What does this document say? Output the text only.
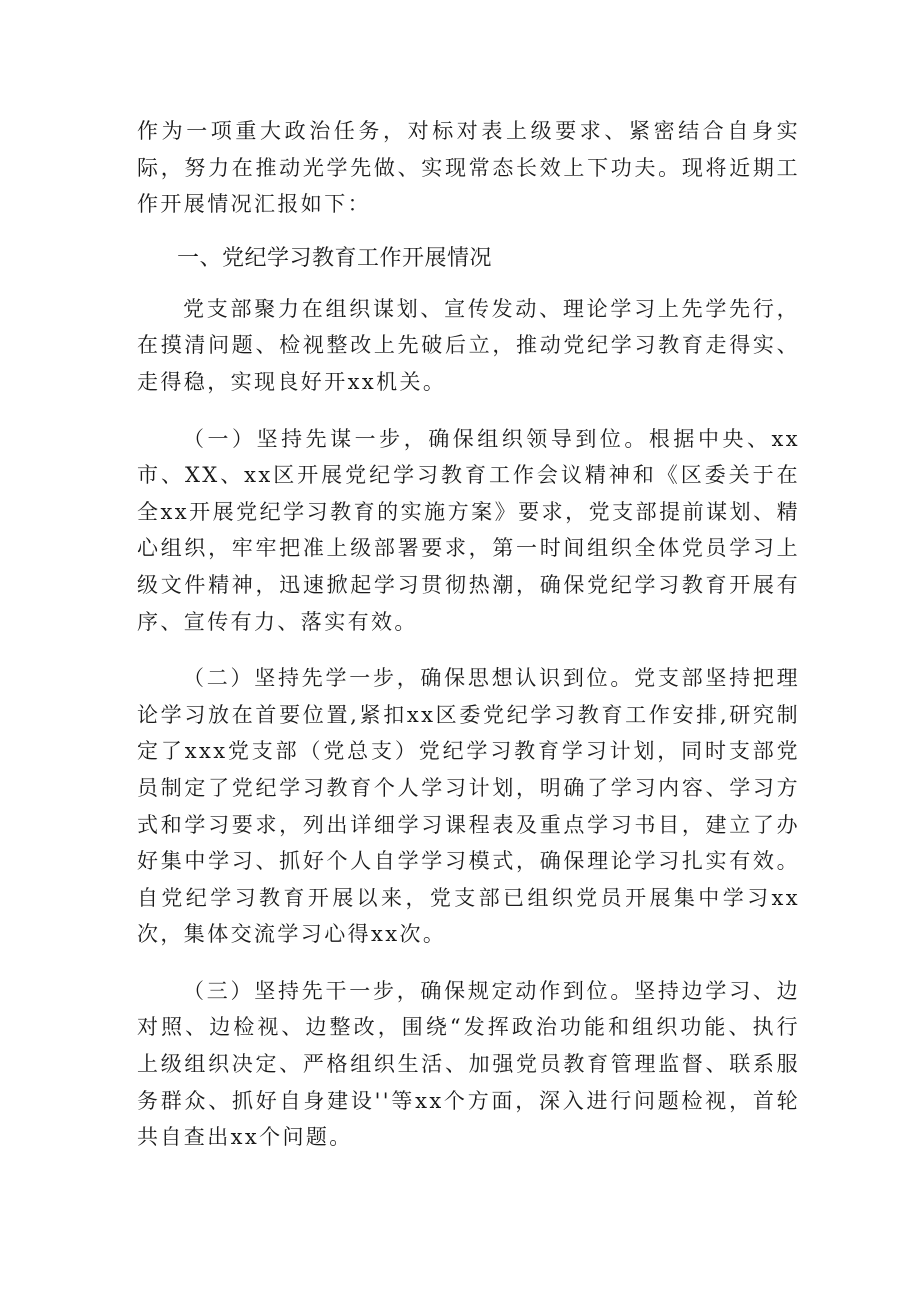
作为一项重大政治任务，对标对表上级要求、紧密结合自身实际，努力在推动光学先做、实现常态长效上下功夫。现将近期工作开展情况汇报如下：

一、党纪学习教育工作开展情况

党支部聚力在组织谋划、宣传发动、理论学习上先学先行，在摸清问题、检视整改上先破后立，推动党纪学习教育走得实、走得稳，实现良好开xx机关。

（一）坚持先谋一步，确保组织领导到位。根据中央、xx市、XX、xx区开展党纪学习教育工作会议精神和《区委关于在全xx开展党纪学习教育的实施方案》要求，党支部提前谋划、精心组织，牢牢把准上级部署要求，第一时间组织全体党员学习上级文件精神，迅速掀起学习贯彻热潮，确保党纪学习教育开展有序、宣传有力、落实有效。

（二）坚持先学一步，确保思想认识到位。党支部坚持把理论学习放在首要位置,紧扣xx区委党纪学习教育工作安排,研究制定了xxx党支部（党总支）党纪学习教育学习计划，同时支部党员制定了党纪学习教育个人学习计划，明确了学习内容、学习方式和学习要求，列出详细学习课程表及重点学习书目，建立了办好集中学习、抓好个人自学学习模式，确保理论学习扎实有效。自党纪学习教育开展以来，党支部已组织党员开展集中学习xx次，集体交流学习心得xx次。

（三）坚持先干一步，确保规定动作到位。坚持边学习、边对照、边检视、边整改，围绕“发挥政治功能和组织功能、执行上级组织决定、严格组织生活、加强党员教育管理监督、联系服务群众、抓好自身建设''等xx个方面，深入进行问题检视，首轮共自查出xx个问题。
